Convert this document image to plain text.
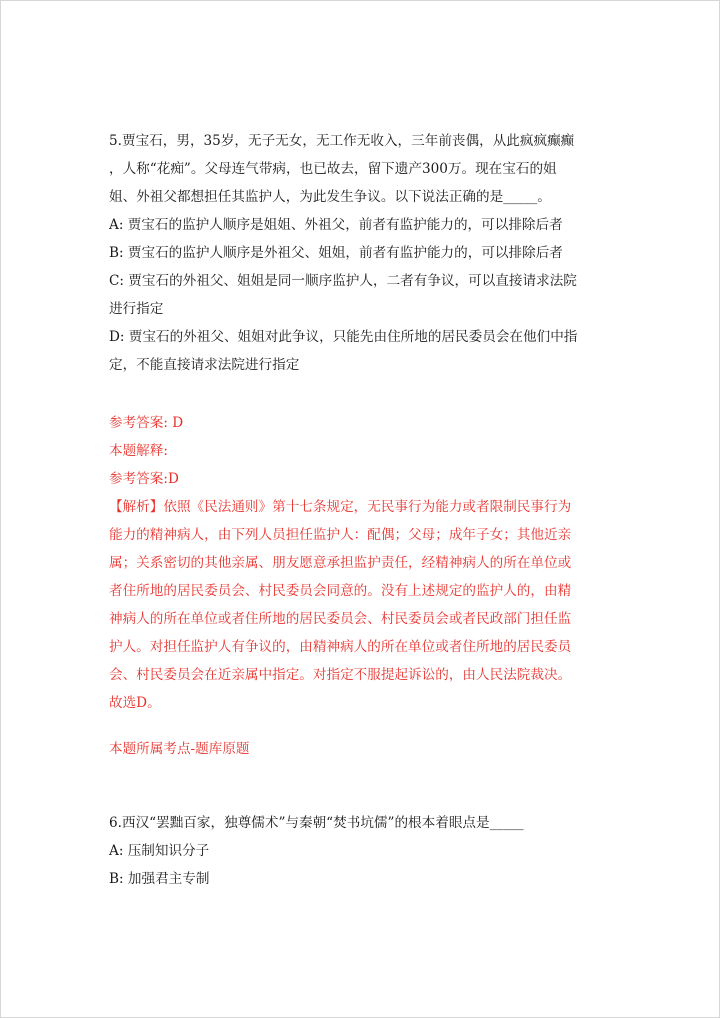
5.贾宝石，男，35岁，无子无女，无工作无收入，三年前丧偶，从此疯疯癫癫

，人称“花痴”。父母连气带病，也已故去，留下遗产300万。现在宝石的姐

姐、外祖父都想担任其监护人，为此发生争议。以下说法正确的是_____。

A: 贾宝石的监护人顺序是姐姐、外祖父，前者有监护能力的，可以排除后者

B: 贾宝石的监护人顺序是外祖父、姐姐，前者有监护能力的，可以排除后者

C: 贾宝石的外祖父、姐姐是同一顺序监护人，二者有争议，可以直接请求法院

进行指定

D: 贾宝石的外祖父、姐姐对此争议，只能先由住所地的居民委员会在他们中指

定，不能直接请求法院进行指定

参考答案: D

本题解释:

参考答案:D

【解析】依照《民法通则》第十七条规定，无民事行为能力或者限制民事行为

能力的精神病人，由下列人员担任监护人：配偶；父母；成年子女；其他近亲

属；关系密切的其他亲属、朋友愿意承担监护责任，经精神病人的所在单位或

者住所地的居民委员会、村民委员会同意的。没有上述规定的监护人的，由精

神病人的所在单位或者住所地的居民委员会、村民委员会或者民政部门担任监

护人。对担任监护人有争议的，由精神病人的所在单位或者住所地的居民委员

会、村民委员会在近亲属中指定。对指定不服提起诉讼的，由人民法院裁决。

故选D。

本题所属考点-题库原题

6.西汉“罢黜百家，独尊儒术”与秦朝“焚书坑儒”的根本着眼点是_____

A: 压制知识分子

B: 加强君主专制
